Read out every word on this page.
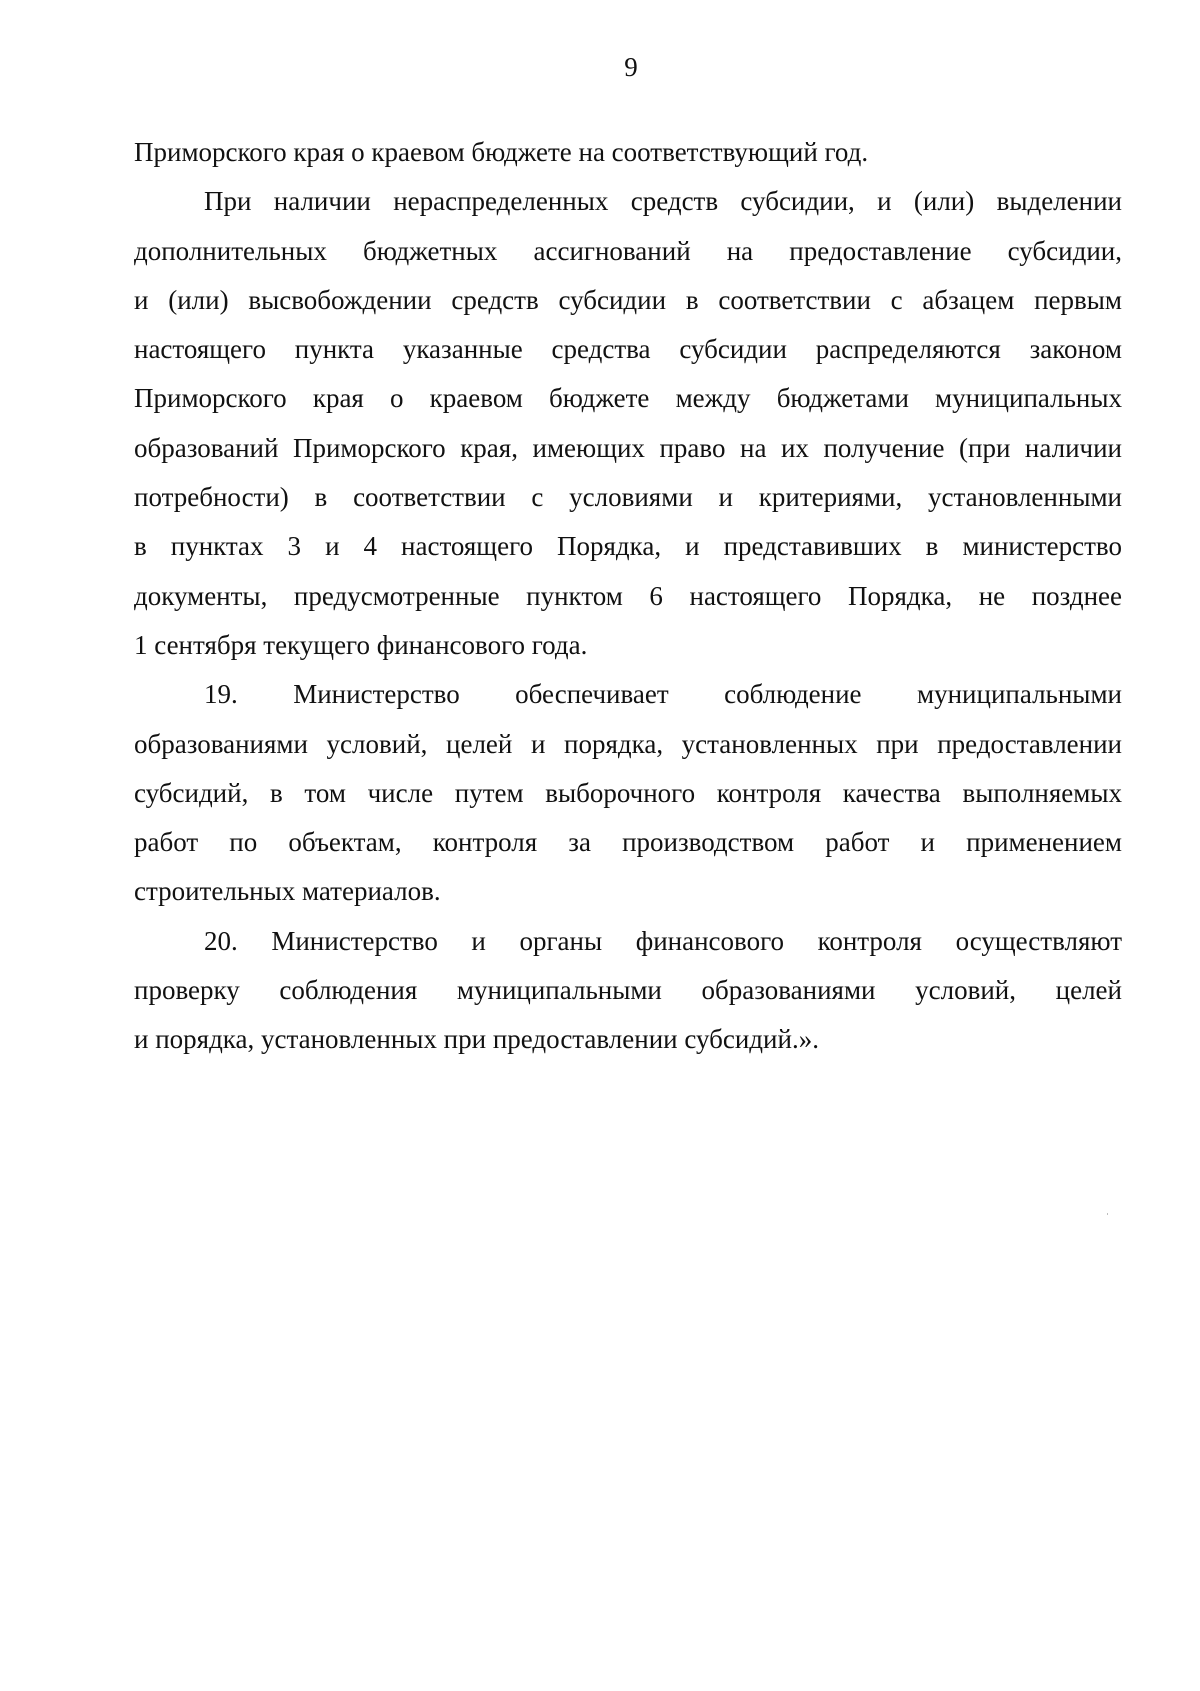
9
Приморского края о краевом бюджете на соответствующий год.
При наличии нераспределенных средств субсидии, и (или) выделении
дополнительных бюджетных ассигнований на предоставление субсидии,
и (или) высвобождении средств субсидии в соответствии с абзацем первым
настоящего пункта указанные средства субсидии распределяются законом
Приморского края о краевом бюджете между бюджетами муниципальных
образований Приморского края, имеющих право на их получение (при наличии
потребности) в соответствии с условиями и критериями, установленными
в пунктах 3 и 4 настоящего Порядка, и представивших в министерство
документы, предусмотренные пунктом 6 настоящего Порядка, не позднее
1 сентября текущего финансового года.
19. Министерство обеспечивает соблюдение муниципальными
образованиями условий, целей и порядка, установленных при предоставлении
субсидий, в том числе путем выборочного контроля качества выполняемых
работ по объектам, контроля за производством работ и применением
строительных материалов.
20. Министерство и органы финансового контроля осуществляют
проверку соблюдения муниципальными образованиями условий, целей
и порядка, установленных при предоставлении субсидий.».
